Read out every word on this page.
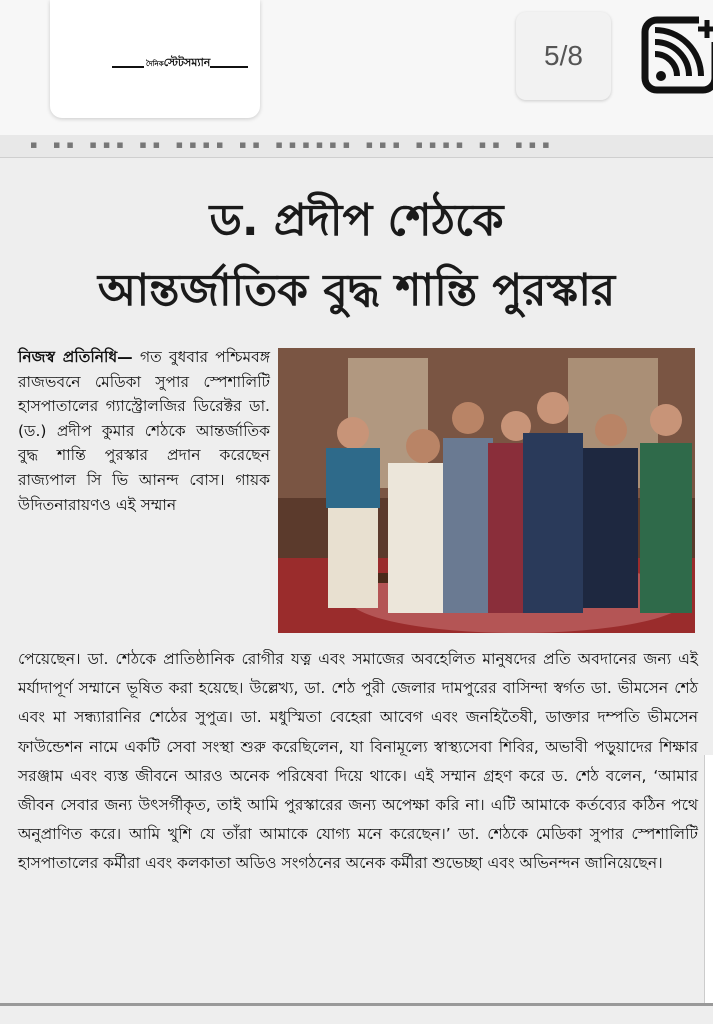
দৈনিকস্টেটসম্যান	5/8
▪ ▪▪ ▪▪▪ ▪▪ ▪▪▪▪ ▪▪ ▪▪▪▪▪▪ ▪▪▪ ▪▪▪▪ ▪▪ ▪▪▪
ড. প্রদীপ শেঠকে
আন্তর্জাতিক বুদ্ধ শান্তি পুরস্কার
নিজস্ব প্রতিনিধি— গত বুধবার পশ্চিমবঙ্গ রাজভবনে মেডিকা সুপার স্পেশালিটি হাসপাতালের গ্যাস্ট্রোলজির ডিরেক্টর ডা. (ড.) প্রদীপ কুমার শেঠকে আন্তর্জাতিক বুদ্ধ শান্তি পুরস্কার প্রদান করেছেন রাজ্যপাল সি ভি আনন্দ বোস। গায়ক উদিতনারায়ণও এই সম্মান
পেয়েছেন। ডা. শেঠকে প্রাতিষ্ঠানিক রোগীর যত্ন এবং সমাজের অবহেলিত মানুষদের প্রতি অবদানের জন্য এই মর্যাদাপূর্ণ সম্মানে ভূষিত করা হয়েছে। উল্লেখ্য, ডা. শেঠ পুরী জেলার দামপুরের বাসিন্দা স্বর্গত ডা. ভীমসেন শেঠ এবং মা সন্ধ্যারানির শেঠের সুপুত্র। ডা. মধুস্মিতা বেহেরা আবেগ এবং জনহিতৈষী, ডাক্তার দম্পতি ভীমসেন ফাউন্ডেশন নামে একটি সেবা সংস্থা শুরু করেছিলেন, যা বিনামূল্যে স্বাস্থ্যসেবা শিবির, অভাবী পড়ুয়াদের শিক্ষার সরঞ্জাম এবং ব্যস্ত জীবনে আরও অনেক পরিষেবা দিয়ে থাকে। এই সম্মান গ্রহণ করে ড. শেঠ বলেন, ‘আমার জীবন সেবার জন্য উৎসর্গীকৃত, তাই আমি পুরস্কারের জন্য অপেক্ষা করি না। এটি আমাকে কর্তব্যের কঠিন পথে অনুপ্রাণিত করে। আমি খুশি যে তাঁরা আমাকে যোগ্য মনে করেছেন।’ ডা. শেঠকে মেডিকা সুপার স্পেশালিটি হাসপাতালের কর্মীরা এবং কলকাতা অডিও সংগঠনের অনেক কর্মীরা শুভেচ্ছা এবং অভিনন্দন জানিয়েছেন।
